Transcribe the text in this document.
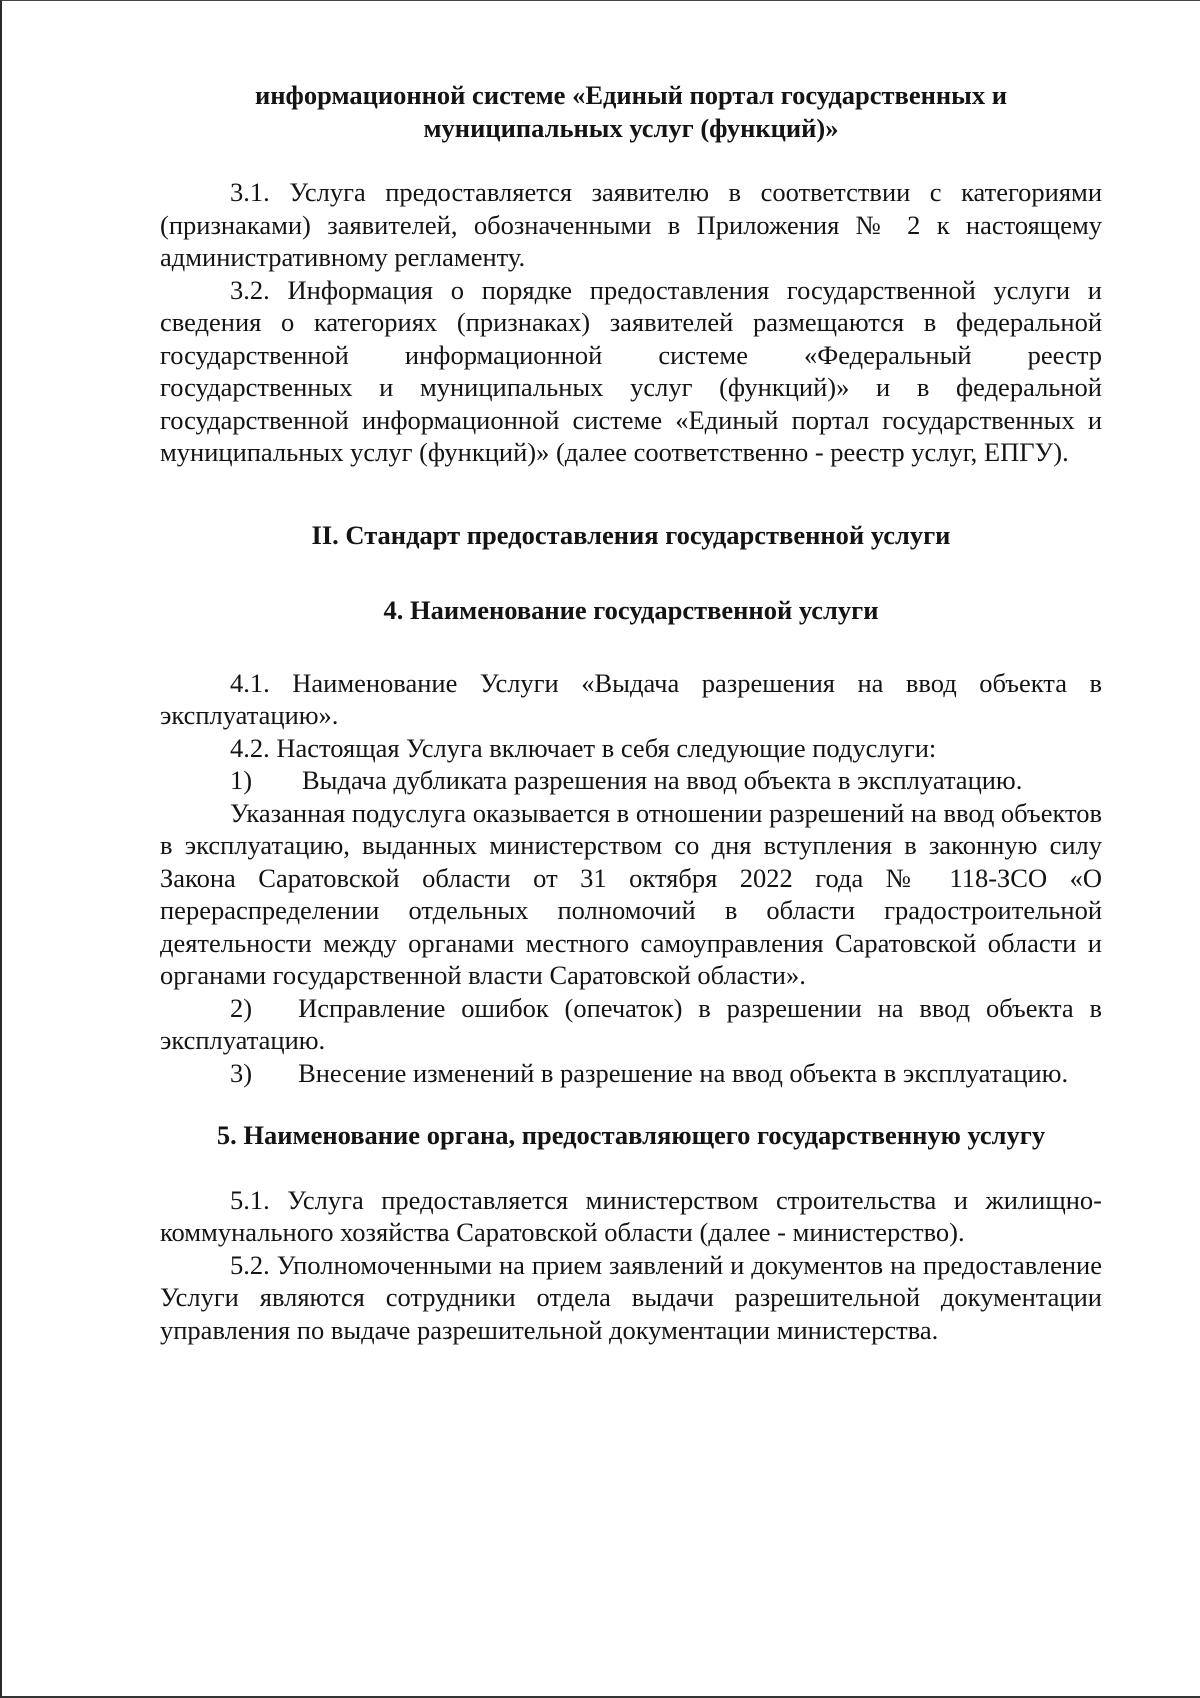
информационной системе «Единый портал государственных и
муниципальных услуг (функций)»

3.1. Услуга предоставляется заявителю в соответствии с категориями (признаками) заявителей, обозначенными в Приложения № 2 к настоящему административному регламенту.

3.2. Информация о порядке предоставления государственной услуги и сведения о категориях (признаках) заявителей размещаются в федеральной государственной информационной системе «Федеральный реестр государственных и муниципальных услуг (функций)» и в федеральной государственной информационной системе «Единый портал государственных и муниципальных услуг (функций)» (далее соответственно - реестр услуг, ЕПГУ).

II. Стандарт предоставления государственной услуги
4. Наименование государственной услуги

4.1. Наименование Услуги «Выдача разрешения на ввод объекта в эксплуатацию».

4.2. Настоящая Услуга включает в себя следующие подуслуги:

1)	Выдача дубликата разрешения на ввод объекта в эксплуатацию.

Указанная подуслуга оказывается в отношении разрешений на ввод объектов в эксплуатацию, выданных министерством со дня вступления в законную силу Закона Саратовской области от 31 октября 2022 года № 118-ЗСО «О перераспределении отдельных полномочий в области градостроительной деятельности между органами местного самоуправления Саратовской области и органами государственной власти Саратовской области».

2) Исправление ошибок (опечаток) в разрешении на ввод объекта в эксплуатацию.

3) Внесение изменений в разрешение на ввод объекта в эксплуатацию.

5. Наименование органа, предоставляющего государственную услугу

5.1. Услуга предоставляется министерством строительства и жилищно-коммунального хозяйства Саратовской области (далее - министерство).

5.2. Уполномоченными на прием заявлений и документов на предоставление Услуги являются сотрудники отдела выдачи разрешительной документации управления по выдаче разрешительной документации министерства.
